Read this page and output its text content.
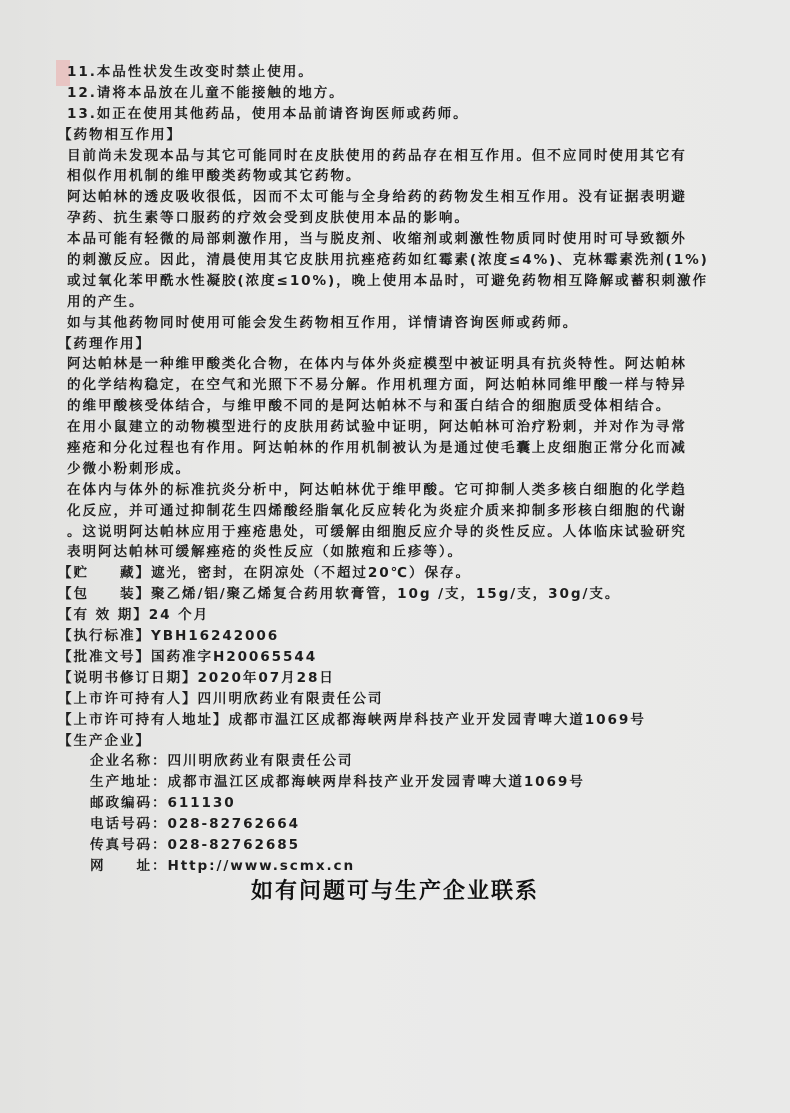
11.本品性状发生改变时禁止使用。
12.请将本品放在儿童不能接触的地方。
13.如正在使用其他药品，使用本品前请咨询医师或药师。
【药物相互作用】
目前尚未发现本品与其它可能同时在皮肤使用的药品存在相互作用。但不应同时使用其它有
相似作用机制的维甲酸类药物或其它药物。
阿达帕林的透皮吸收很低，因而不太可能与全身给药的药物发生相互作用。没有证据表明避
孕药、抗生素等口服药的疗效会受到皮肤使用本品的影响。
本品可能有轻微的局部刺激作用，当与脱皮剂、收缩剂或刺激性物质同时使用时可导致额外
的刺激反应。因此，清晨使用其它皮肤用抗痤疮药如红霉素(浓度≤4%)、克林霉素洗剂(1%)
或过氧化苯甲酰水性凝胶(浓度≤10%)，晚上使用本品时，可避免药物相互降解或蓄积刺激作
用的产生。
如与其他药物同时使用可能会发生药物相互作用，详情请咨询医师或药师。
【药理作用】
阿达帕林是一种维甲酸类化合物，在体内与体外炎症模型中被证明具有抗炎特性。阿达帕林
的化学结构稳定，在空气和光照下不易分解。作用机理方面，阿达帕林同维甲酸一样与特异
的维甲酸核受体结合，与维甲酸不同的是阿达帕林不与和蛋白结合的细胞质受体相结合。
在用小鼠建立的动物模型进行的皮肤用药试验中证明，阿达帕林可治疗粉刺，并对作为寻常
痤疮和分化过程也有作用。阿达帕林的作用机制被认为是通过使毛囊上皮细胞正常分化而减
少微小粉刺形成。
在体内与体外的标准抗炎分析中，阿达帕林优于维甲酸。它可抑制人类多核白细胞的化学趋
化反应，并可通过抑制花生四烯酸经脂氧化反应转化为炎症介质来抑制多形核白细胞的代谢
。这说明阿达帕林应用于痤疮患处，可缓解由细胞反应介导的炎性反应。人体临床试验研究
表明阿达帕林可缓解痤疮的炎性反应（如脓疱和丘疹等）。
【贮　　藏】遮光，密封，在阴凉处（不超过20℃）保存。
【包　　装】聚乙烯/铝/聚乙烯复合药用软膏管，10g /支，15g/支，30g/支。
【有 效 期】24 个月
【执行标准】YBH16242006
【批准文号】国药准字H20065544
【说明书修订日期】2020年07月28日
【上市许可持有人】四川明欣药业有限责任公司
【上市许可持有人地址】成都市温江区成都海峡两岸科技产业开发园青啤大道1069号
【生产企业】
企业名称：四川明欣药业有限责任公司
生产地址：成都市温江区成都海峡两岸科技产业开发园青啤大道1069号
邮政编码：611130
电话号码：028-82762664
传真号码：028-82762685
网　　址：Http://www.scmx.cn
如有问题可与生产企业联系
